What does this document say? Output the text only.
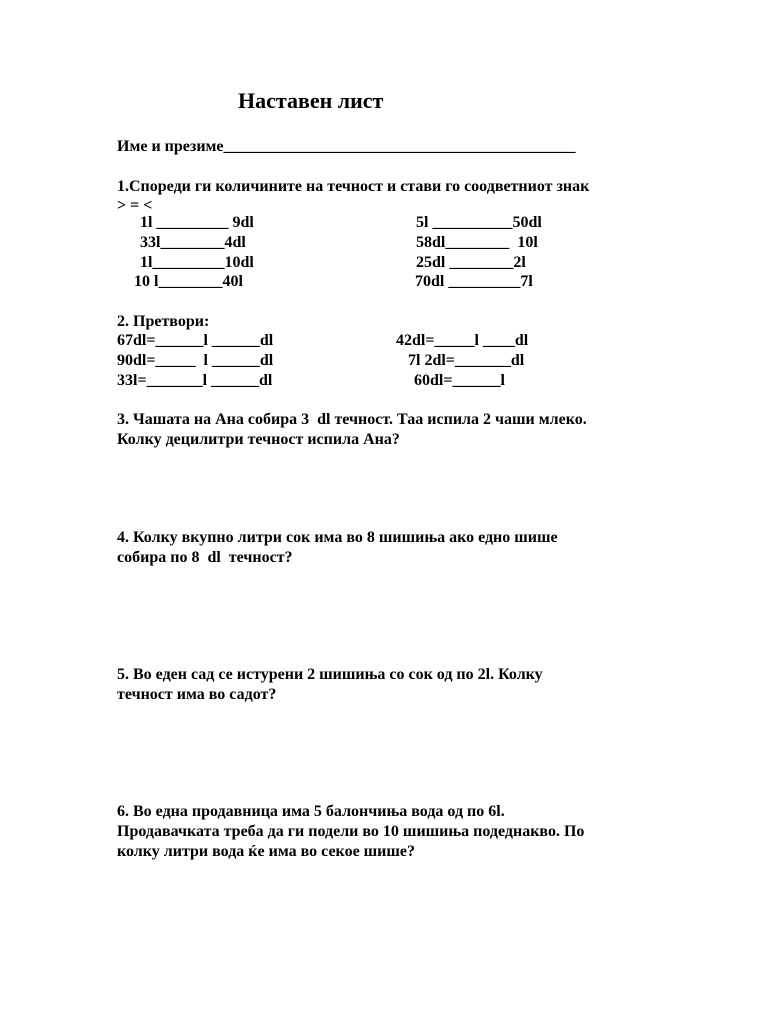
Наставен лист
Име и презиме____________________________________________
1.Спореди ги количините на течност и стави го соодветниот знак
> = <
1l _________ 9dl
33l________4dl
1l_________10dl
10 l________40l
5l __________50dl
58dl________  10l
25dl ________2l
70dl _________7l
2. Претвори:
67dl=______l ______dl
90dl=_____  l ______dl
33l=_______l ______dl
42dl=_____l ____dl
7l 2dl=_______dl
60dl=______l
3. Чашата на Ана собира 3  dl течност. Таа испила 2 чаши млеко.
Колку децилитри течност испила Ана?
4. Колку вкупно литри сок има во 8 шишиња ако едно шише
собира по 8  dl  течност?
5. Во еден сад се истурени 2 шишиња со сок од по 2l. Колку
течност има во садот?
6. Во една продавница има 5 балончиња вода од по 6l.
Продавачката треба да ги подели во 10 шишиња подеднакво. По
колку литри вода ќе има во секое шише?
